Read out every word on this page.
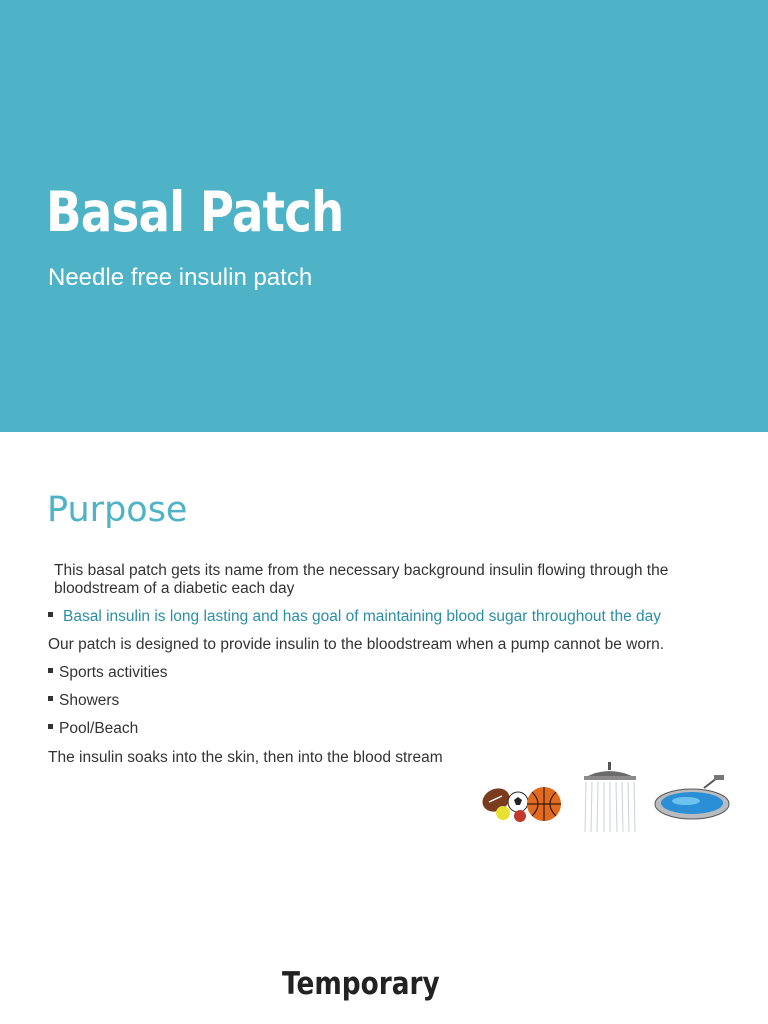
Basal Patch
Needle free insulin patch
Purpose
This basal patch gets its name from the necessary background insulin flowing through the bloodstream of a diabetic each day
Basal insulin is long lasting and has goal of maintaining blood sugar throughout the day
Our patch is designed to provide insulin to the bloodstream when a pump cannot be worn.
Sports activities
Showers
Pool/Beach
The insulin soaks into the skin, then into the blood stream
Temporary
